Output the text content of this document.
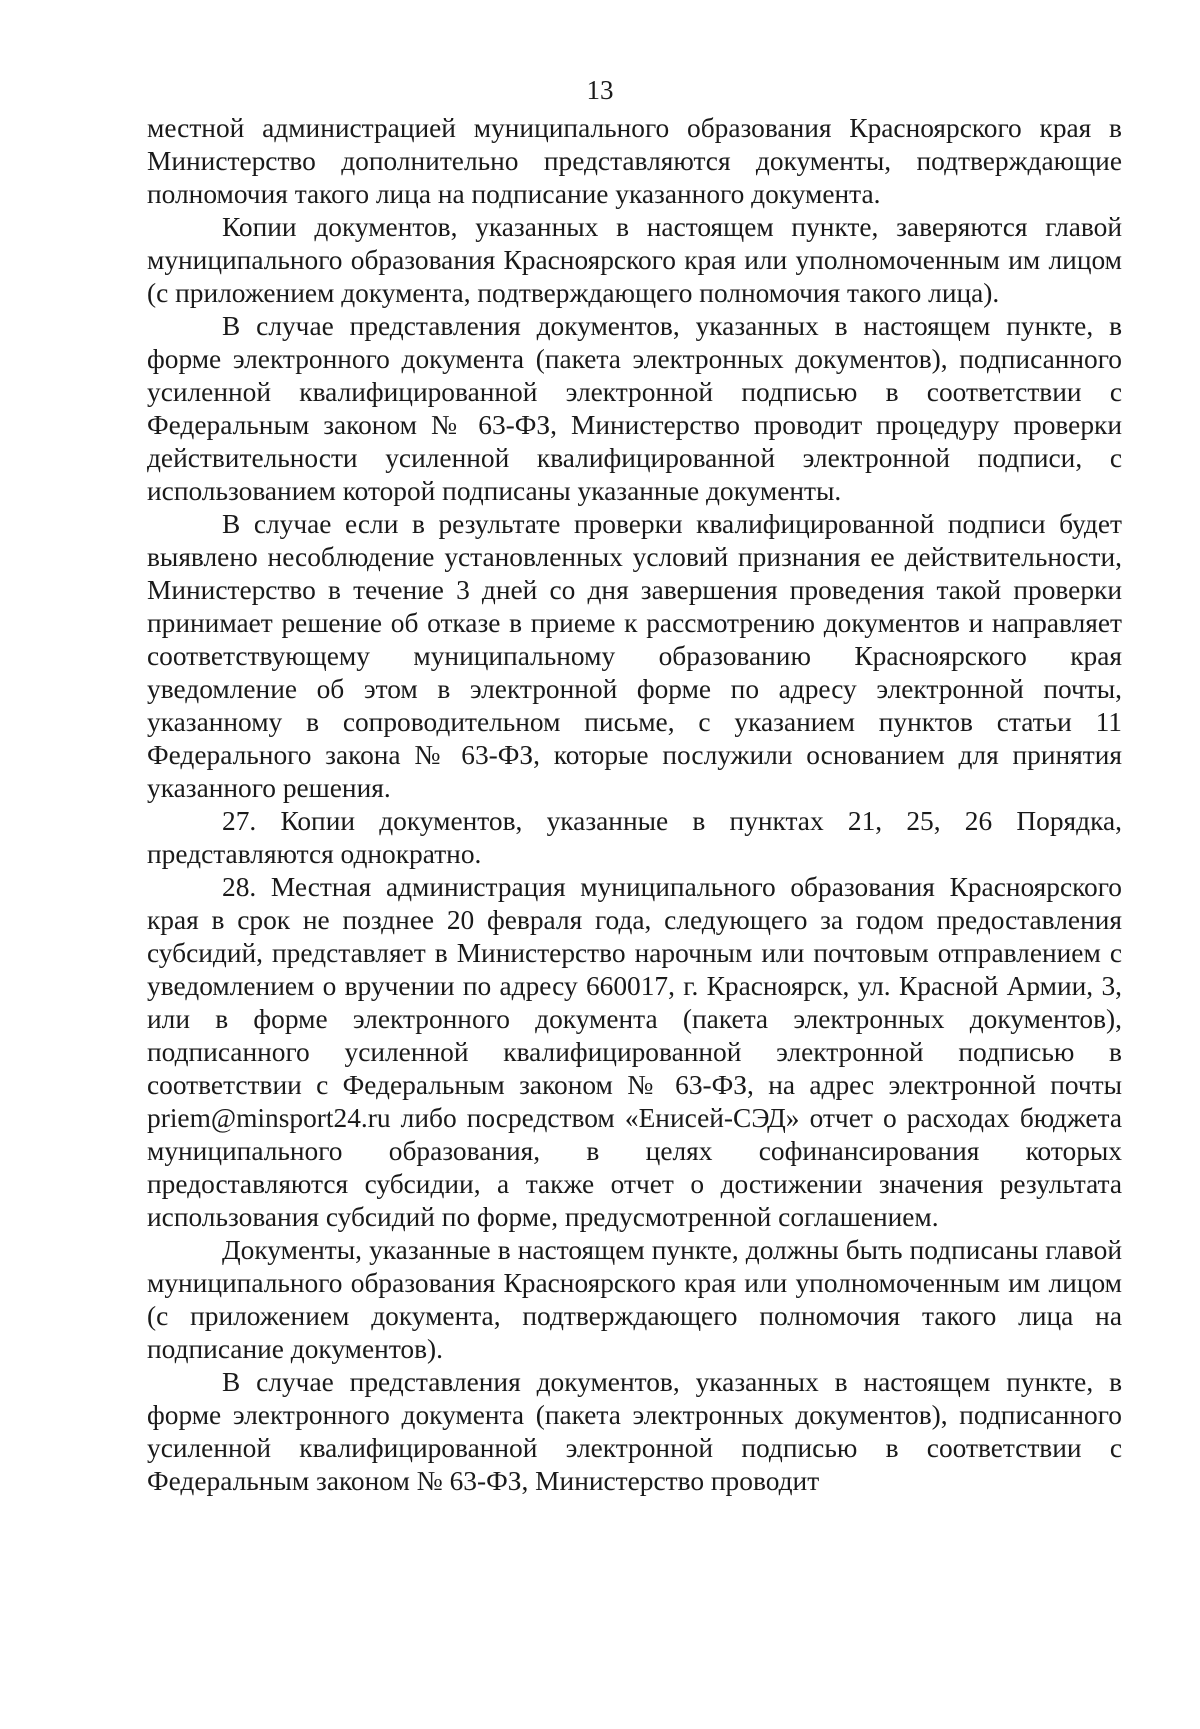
13

местной администрацией муниципального образования Красноярского края в Министерство дополнительно представляются документы, подтверждающие полномочия такого лица на подписание указанного документа.

Копии документов, указанных в настоящем пункте, заверяются главой муниципального образования Красноярского края или уполномоченным им лицом (с приложением документа, подтверждающего полномочия такого лица).

В случае представления документов, указанных в настоящем пункте, в форме электронного документа (пакета электронных документов), подписанного усиленной квалифицированной электронной подписью в соответствии с Федеральным законом № 63-ФЗ, Министерство проводит процедуру проверки действительности усиленной квалифицированной электронной подписи, с использованием которой подписаны указанные документы.

В случае если в результате проверки квалифицированной подписи будет выявлено несоблюдение установленных условий признания ее действительности, Министерство в течение 3 дней со дня завершения проведения такой проверки принимает решение об отказе в приеме к рассмотрению документов и направляет соответствующему муниципальному образованию Красноярского края уведомление об этом в электронной форме по адресу электронной почты, указанному в сопроводительном письме, с указанием пунктов статьи 11 Федерального закона № 63-ФЗ, которые послужили основанием для принятия указанного решения.

27. Копии документов, указанные в пунктах 21, 25, 26 Порядка, представляются однократно.

28. Местная администрация муниципального образования Красноярского края в срок не позднее 20 февраля года, следующего за годом предоставления субсидий, представляет в Министерство нарочным или почтовым отправлением с уведомлением о вручении по адресу 660017, г. Красноярск, ул. Красной Армии, 3, или в форме электронного документа (пакета электронных документов), подписанного усиленной квалифицированной электронной подписью в соответствии с Федеральным законом № 63-ФЗ, на адрес электронной почты priem@minsport24.ru либо посредством «Енисей-СЭД» отчет о расходах бюджета муниципального образования, в целях софинансирования которых предоставляются субсидии, а также отчет о достижении значения результата использования субсидий по форме, предусмотренной соглашением.

Документы, указанные в настоящем пункте, должны быть подписаны главой муниципального образования Красноярского края или уполномоченным им лицом (с приложением документа, подтверждающего полномочия такого лица на подписание документов).

В случае представления документов, указанных в настоящем пункте, в форме электронного документа (пакета электронных документов), подписанного усиленной квалифицированной электронной подписью в соответствии с Федеральным законом № 63-ФЗ, Министерство проводит
